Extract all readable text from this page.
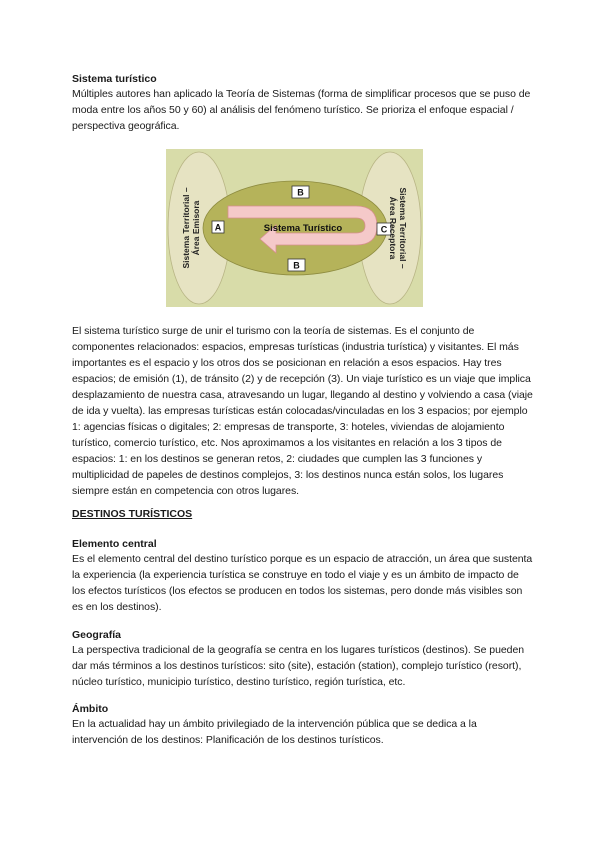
Sistema turístico

Múltiples autores han aplicado la Teoría de Sistemas (forma de simplificar procesos que se puso de moda entre los años 50 y 60) al análisis del fenómeno turístico. Se prioriza el enfoque espacial / perspectiva geográfica.

A	C
B
B
Sistema Turístico
Sistema Territorial – Área Emisora	Sistema Territorial –
Área Receptora

El sistema turístico surge de unir el turismo con la teoría de sistemas. Es el conjunto de componentes relacionados: espacios, empresas turísticas (industria turística) y visitantes. El más importantes es el espacio y los otros dos se posicionan en relación a esos espacios. Hay tres espacios; de emisión (1), de tránsito (2) y de recepción (3). Un viaje turístico es un viaje que implica desplazamiento de nuestra casa, atravesando un lugar, llegando al destino y volviendo a casa (viaje de ida y vuelta). las empresas turísticas están colocadas/vinculadas en los 3 espacios; por ejemplo 1: agencias físicas o digitales; 2: empresas de transporte, 3: hoteles, viviendas de alojamiento turístico, comercio turístico, etc. Nos aproximamos a los visitantes en relación a los 3 tipos de espacios: 1: en los destinos se generan retos, 2: ciudades que cumplen las 3 funciones y multiplicidad de papeles de destinos complejos, 3: los destinos nunca están solos, los lugares siempre están en competencia con otros lugares.

DESTINOS TURÍSTICOS
Elemento central

Es el elemento central del destino turístico porque es un espacio de atracción, un área que sustenta la experiencia (la experiencia turística se construye en todo el viaje y es un ámbito de impacto de los efectos turísticos (los efectos se producen en todos los sistemas, pero donde más visibles son es en los destinos).

Geografía

La perspectiva tradicional de la geografía se centra en los lugares turísticos (destinos). Se pueden dar más términos a los destinos turísticos: sito (site), estación (station), complejo turístico (resort), núcleo turístico, municipio turístico, destino turístico, región turística, etc.

Ámbito

En la actualidad hay un ámbito privilegiado de la intervención pública que se dedica a la intervención de los destinos: Planificación de los destinos turísticos.
